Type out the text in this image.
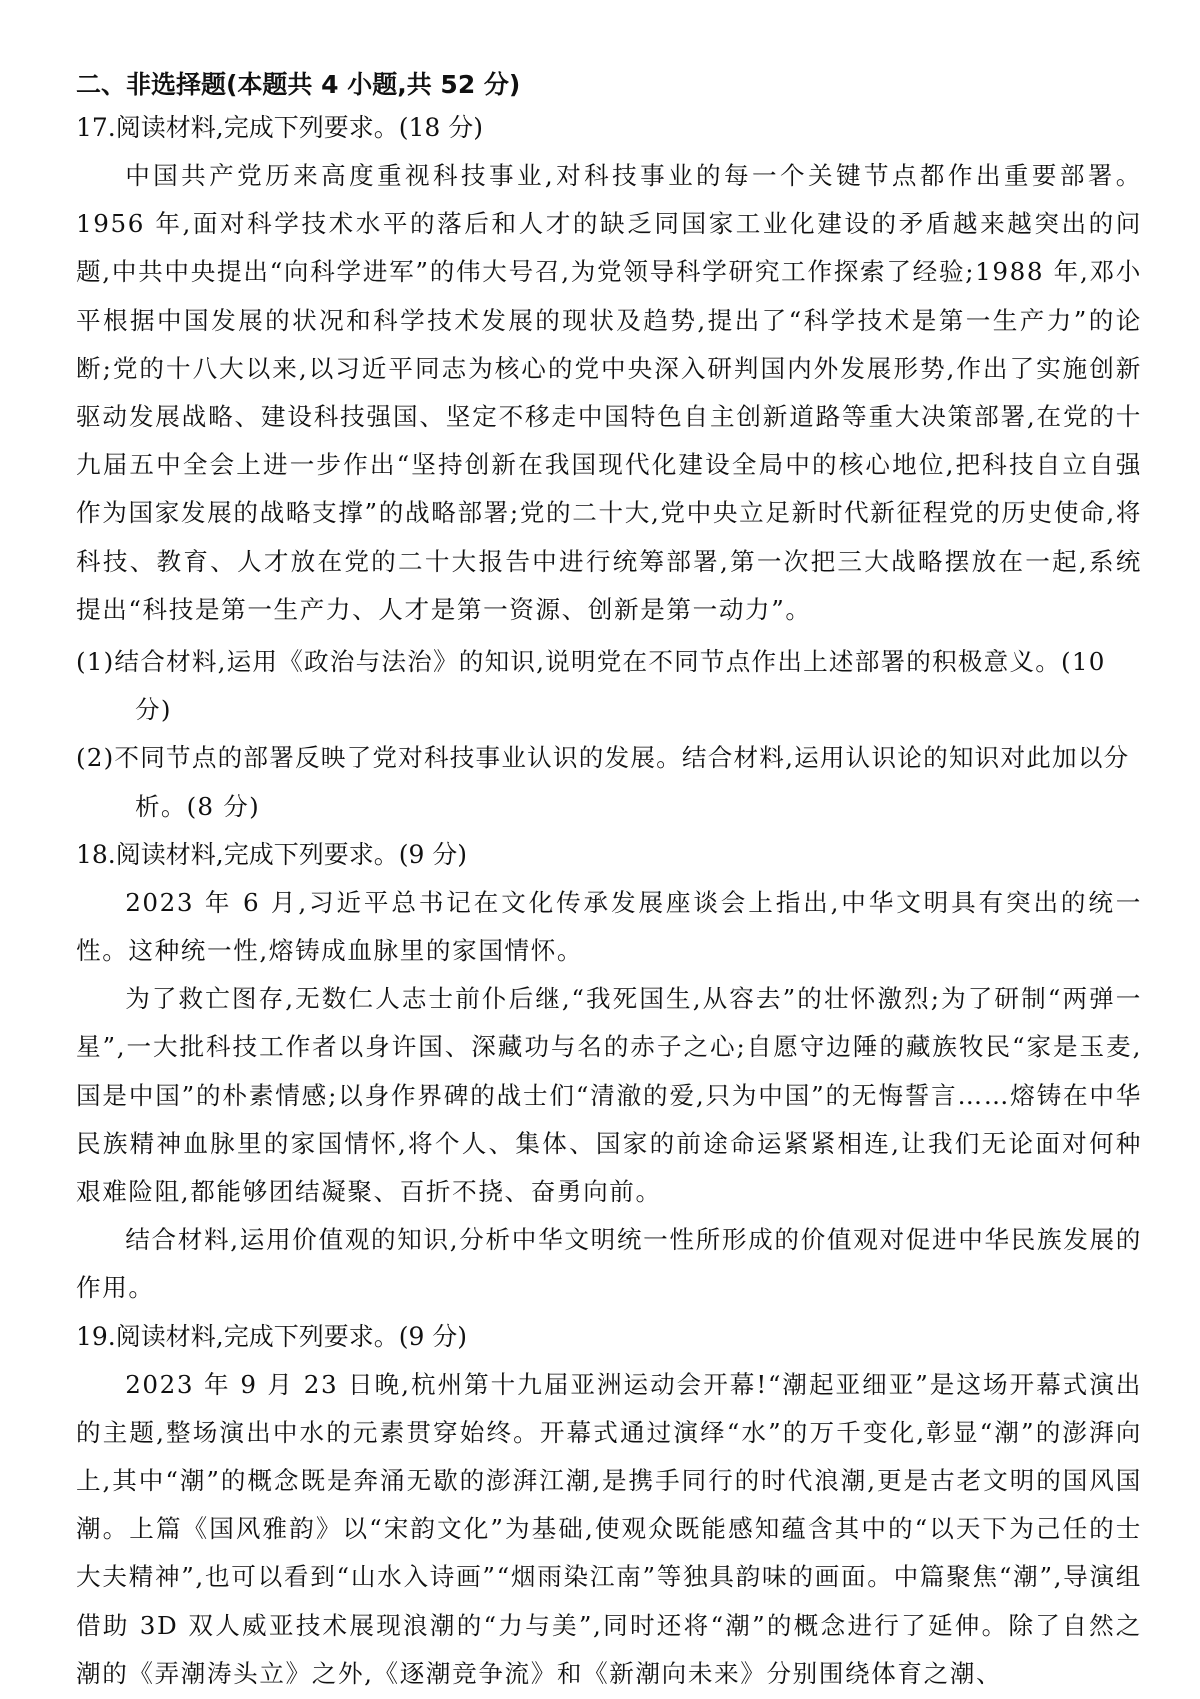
二、非选择题(本题共 4 小题,共 52 分)
17.阅读材料,完成下列要求。(18 分)
中国共产党历来高度重视科技事业,对科技事业的每一个关键节点都作出重要部署。1956 年,面对科学技术水平的落后和人才的缺乏同国家工业化建设的矛盾越来越突出的问题,中共中央提出“向科学进军”的伟大号召,为党领导科学研究工作探索了经验;1988 年,邓小平根据中国发展的状况和科学技术发展的现状及趋势,提出了“科学技术是第一生产力”的论断;党的十八大以来,以习近平同志为核心的党中央深入研判国内外发展形势,作出了实施创新驱动发展战略、建设科技强国、坚定不移走中国特色自主创新道路等重大决策部署,在党的十九届五中全会上进一步作出“坚持创新在我国现代化建设全局中的核心地位,把科技自立自强作为国家发展的战略支撑”的战略部署;党的二十大,党中央立足新时代新征程党的历史使命,将科技、教育、人才放在党的二十大报告中进行统筹部署,第一次把三大战略摆放在一起,系统提出“科技是第一生产力、人才是第一资源、创新是第一动力”。
(1)结合材料,运用《政治与法治》的知识,说明党在不同节点作出上述部署的积极意义。(10 分)
(2)不同节点的部署反映了党对科技事业认识的发展。结合材料,运用认识论的知识对此加以分析。(8 分)
18.阅读材料,完成下列要求。(9 分)
2023 年 6 月,习近平总书记在文化传承发展座谈会上指出,中华文明具有突出的统一性。这种统一性,熔铸成血脉里的家国情怀。
为了救亡图存,无数仁人志士前仆后继,“我死国生,从容去”的壮怀激烈;为了研制“两弹一星”,一大批科技工作者以身许国、深藏功与名的赤子之心;自愿守边陲的藏族牧民“家是玉麦,国是中国”的朴素情感;以身作界碑的战士们“清澈的爱,只为中国”的无悔誓言……熔铸在中华民族精神血脉里的家国情怀,将个人、集体、国家的前途命运紧紧相连,让我们无论面对何种艰难险阻,都能够团结凝聚、百折不挠、奋勇向前。
结合材料,运用价值观的知识,分析中华文明统一性所形成的价值观对促进中华民族发展的作用。
19.阅读材料,完成下列要求。(9 分)
2023 年 9 月 23 日晚,杭州第十九届亚洲运动会开幕!“潮起亚细亚”是这场开幕式演出的主题,整场演出中水的元素贯穿始终。开幕式通过演绎“水”的万千变化,彰显“潮”的澎湃向上,其中“潮”的概念既是奔涌无歇的澎湃江潮,是携手同行的时代浪潮,更是古老文明的国风国潮。上篇《国风雅韵》以“宋韵文化”为基础,使观众既能感知蕴含其中的“以天下为己任的士大夫精神”,也可以看到“山水入诗画”“烟雨染江南”等独具韵味的画面。中篇聚焦“潮”,导演组借助 3D 双人威亚技术展现浪潮的“力与美”,同时还将“潮”的概念进行了延伸。除了自然之潮的《弄潮涛头立》之外,《逐潮竞争流》和《新潮向未来》分别围绕体育之潮、
